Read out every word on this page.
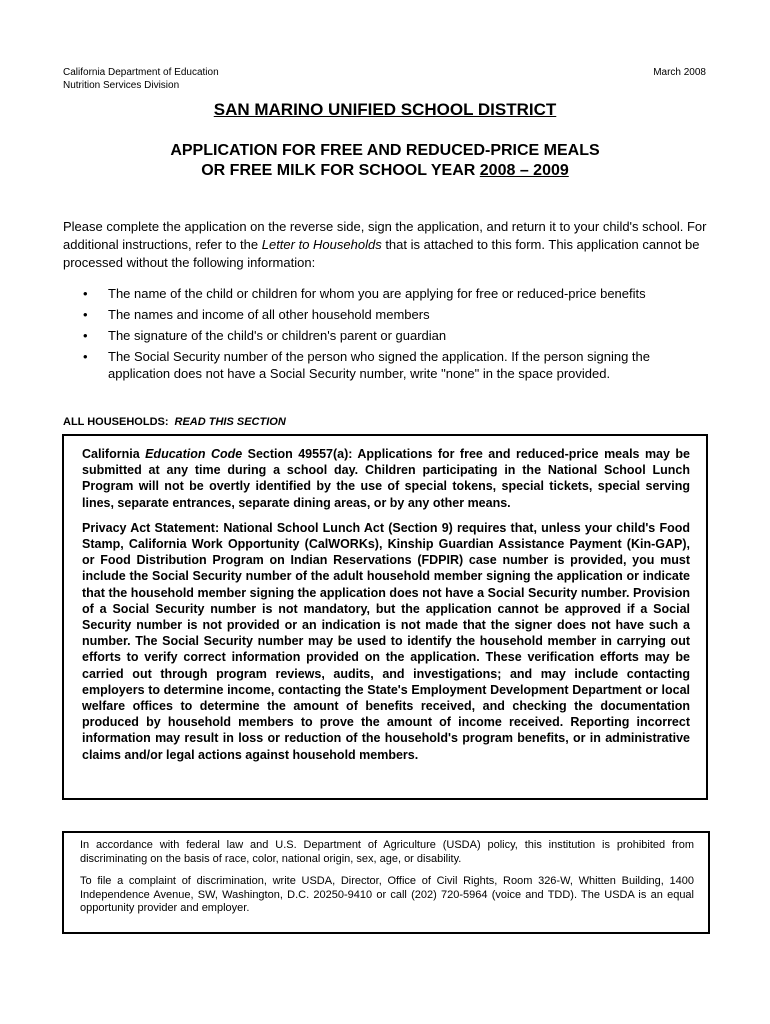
California Department of Education
Nutrition Services Division
March 2008
SAN MARINO UNIFIED SCHOOL DISTRICT
APPLICATION FOR FREE AND REDUCED-PRICE MEALS
OR FREE MILK FOR SCHOOL YEAR 2008 – 2009
Please complete the application on the reverse side, sign the application, and return it to your child's school. For additional instructions, refer to the Letter to Households that is attached to this form. This application cannot be processed without the following information:
• The name of the child or children for whom you are applying for free or reduced-price benefits
• The names and income of all other household members
• The signature of the child's or children's parent or guardian
• The Social Security number of the person who signed the application. If the person signing the application does not have a Social Security number, write "none" in the space provided.
ALL HOUSEHOLDS: READ THIS SECTION

California Education Code Section 49557(a): Applications for free and reduced-price meals may be submitted at any time during a school day. Children participating in the National School Lunch Program will not be overtly identified by the use of special tokens, special tickets, special serving lines, separate entrances, separate dining areas, or by any other means.

Privacy Act Statement: National School Lunch Act (Section 9) requires that, unless your child's Food Stamp, California Work Opportunity (CalWORKs), Kinship Guardian Assistance Payment (Kin-GAP), or Food Distribution Program on Indian Reservations (FDPIR) case number is provided, you must include the Social Security number of the adult household member signing the application or indicate that the household member signing the application does not have a Social Security number. Provision of a Social Security number is not mandatory, but the application cannot be approved if a Social Security number is not provided or an indication is not made that the signer does not have such a number. The Social Security number may be used to identify the household member in carrying out efforts to verify correct information provided on the application. These verification efforts may be carried out through program reviews, audits, and investigations; and may include contacting employers to determine income, contacting the State's Employment Development Department or local welfare offices to determine the amount of benefits received, and checking the documentation produced by household members to prove the amount of income received. Reporting incorrect information may result in loss or reduction of the household's program benefits, or in administrative claims and/or legal actions against household members.

In accordance with federal law and U.S. Department of Agriculture (USDA) policy, this institution is prohibited from discriminating on the basis of race, color, national origin, sex, age, or disability.

To file a complaint of discrimination, write USDA, Director, Office of Civil Rights, Room 326-W, Whitten Building, 1400 Independence Avenue, SW, Washington, D.C. 20250-9410 or call (202) 720-5964 (voice and TDD). The USDA is an equal opportunity provider and employer.
